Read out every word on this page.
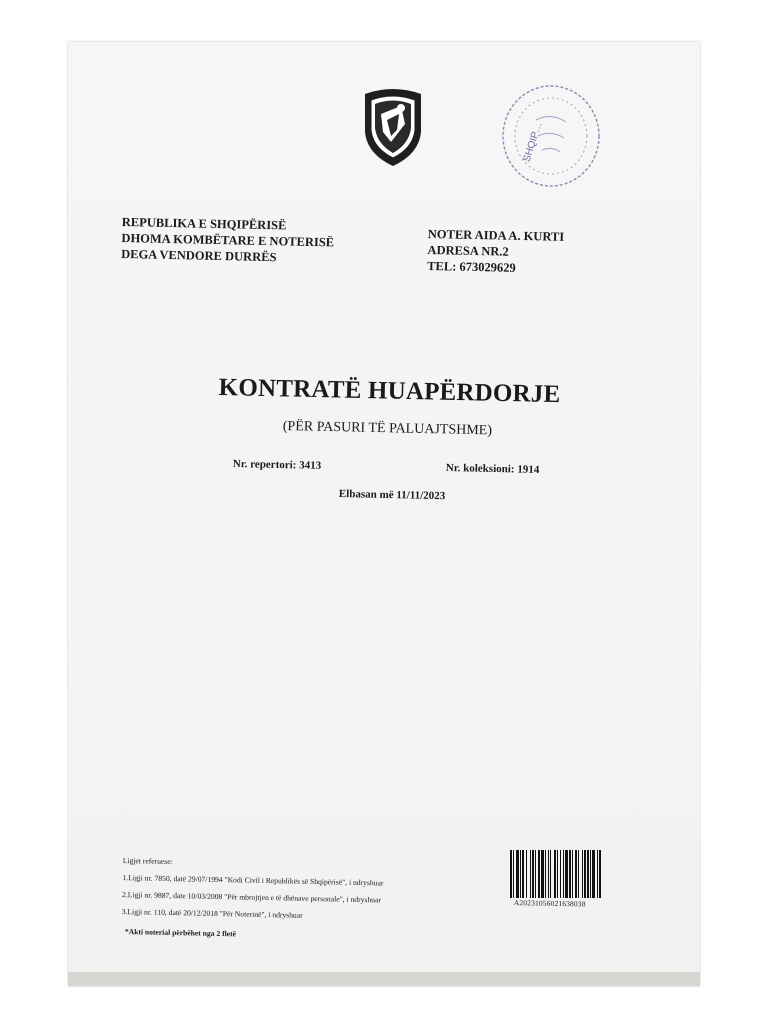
SHQIP…
REPUBLIKA E SHQIPËRISË
DHOMA KOMBËTARE E NOTERISË
DEGA VENDORE DURRËS
NOTER AIDA A. KURTI
ADRESA NR.2
TEL: 673029629
KONTRATË HUAPËRDORJE
(PËR PASURI TË PALUAJTSHME)
Nr. repertori: 3413	Nr. koleksioni: 1914
Elbasan më 11/11/2023
Ligjet referuese:
1.Ligji nr. 7850, datë 29/07/1994 "Kodi Civil i Republikës së Shqipërisë", i ndryshuar
2.Ligji nr. 9887, date 10/03/2008 "Për mbrojtjen e të dhënave personale", i ndryshuar
3.Ligji nr. 110, datë 20/12/2018 "Për Noterinë", i ndryshuar
*Akti noterial përbëhet nga 2 fletë
A20231056021638038
